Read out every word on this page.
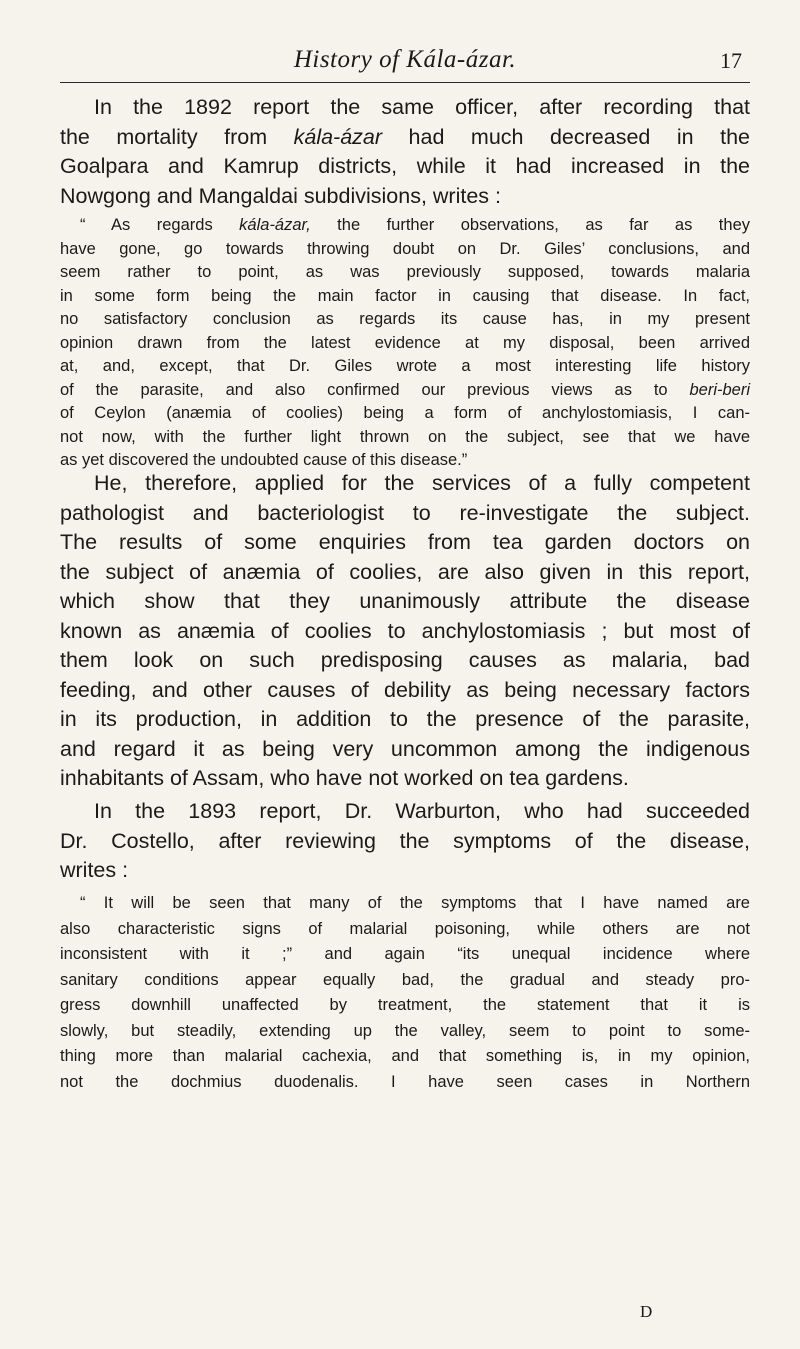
History of Kála-ázar.	17

In the 1892 report the same officer, after recording that
the mortality from kála-ázar had much decreased in the
Goalpara and Kamrup districts, while it had increased in the
Nowgong and Mangaldai subdivisions, writes :

“ As regards kála-ázar, the further observations, as far as they
have gone, go towards throwing doubt on Dr. Giles’ conclusions, and
seem rather to point, as was previously supposed, towards malaria
in some form being the main factor in causing that disease. In fact,
no satisfactory conclusion as regards its cause has, in my present
opinion drawn from the latest evidence at my disposal, been arrived
at, and, except, that Dr. Giles wrote a most interesting life history
of the parasite, and also confirmed our previous views as to beri-beri
of Ceylon (anæmia of coolies) being a form of anchylostomiasis, I can-
not now, with the further light thrown on the subject, see that we have
as yet discovered the undoubted cause of this disease.”

He, therefore, applied for the services of a fully competent
pathologist and bacteriologist to re-investigate the subject.
The results of some enquiries from tea garden doctors on
the subject of anæmia of coolies, are also given in this report,
which show that they unanimously attribute the disease
known as anæmia of coolies to anchylostomiasis ; but most of
them look on such predisposing causes as malaria, bad
feeding, and other causes of debility as being necessary factors
in its production, in addition to the presence of the parasite,
and regard it as being very uncommon among the indigenous
inhabitants of Assam, who have not worked on tea gardens.

In the 1893 report, Dr. Warburton, who had succeeded
Dr. Costello, after reviewing the symptoms of the disease,
writes :

“ It will be seen that many of the symptoms that I have named are
also characteristic signs of malarial poisoning, while others are not
inconsistent with it ;” and again “its unequal incidence where
sanitary conditions appear equally bad, the gradual and steady pro-
gress downhill unaffected by treatment, the statement that it is
slowly, but steadily, extending up the valley, seem to point to some-
thing more than malarial cachexia, and that something is, in my opinion,
not the dochmius duodenalis. I have seen cases in Northern

D
